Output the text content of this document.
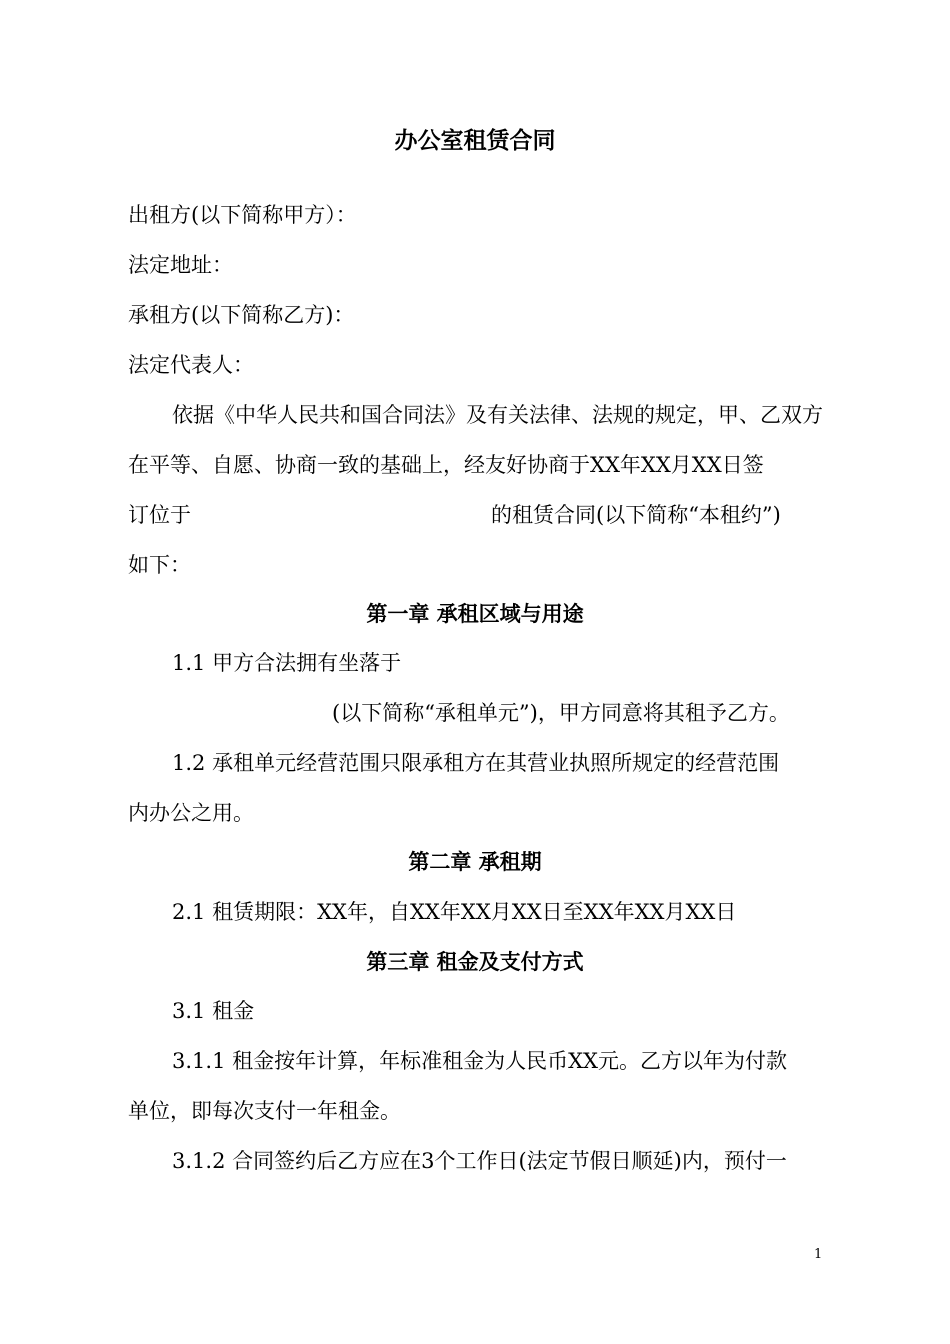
办公室租赁合同
出租方(以下简称甲方）：
法定地址：
承租方(以下简称乙方)：
法定代表人：
依据《中华人民共和国合同法》及有关法律、法规的规定，甲、乙双方
在平等、自愿、协商一致的基础上，经友好协商于XX年XX月XX日签
订位于	的租赁合同(以下简称“本租约”)
如下：
第一章 承租区域与用途
1.1 甲方合法拥有坐落于
(以下简称“承租单元”)，甲方同意将其租予乙方。
1.2 承租单元经营范围只限承租方在其营业执照所规定的经营范围
内办公之用。
第二章 承租期
2.1 租赁期限：XX年，自XX年XX月XX日至XX年XX月XX日
第三章 租金及支付方式
3.1 租金
3.1.1 租金按年计算，年标准租金为人民币XX元。乙方以年为付款
单位，即每次支付一年租金。
3.1.2 合同签约后乙方应在3个工作日(法定节假日顺延)内，预付一
1
